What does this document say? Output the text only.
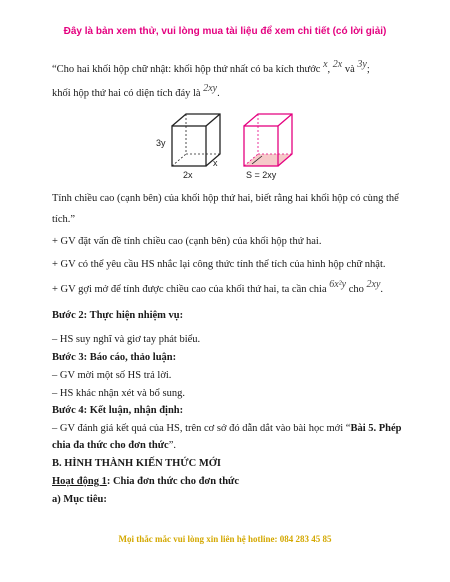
Đây là bản xem thử, vui lòng mua tài liệu để xem chi tiết (có lời giải)
“Cho hai khối hộp chữ nhật: khối hộp thứ nhất có ba kích thước x, 2x và 3y;
khối hộp thứ hai có diện tích đáy là 2xy.
3y
2x
x
S = 2xy
Tính chiều cao (cạnh bên) của khối hộp thứ hai, biết rằng hai khối hộp có cùng thể
tích.”
+ GV đặt vấn đề tính chiều cao (cạnh bên) của khối hộp thứ hai.
+ GV có thể yêu cầu HS nhắc lại công thức tính thể tích của hình hộp chữ nhật.
+ GV gợi mở để tính được chiều cao của khối thứ hai, ta cần chia 6x²y cho 2xy.
Bước 2: Thực hiện nhiệm vụ:
– HS suy nghĩ và giơ tay phát biểu.
Bước 3: Báo cáo, thảo luận:
– GV mời một số HS trả lời.
– HS khác nhận xét và bổ sung.
Bước 4: Kết luận, nhận định:
– GV đánh giá kết quả của HS, trên cơ sở đó dẫn dắt vào bài học mới “Bài 5. Phép
chia đa thức cho đơn thức”.
B. HÌNH THÀNH KIẾN THỨC MỚI
Hoạt động 1: Chia đơn thức cho đơn thức
a) Mục tiêu:
Mọi thắc mắc vui lòng xin liên hệ hotline: 084 283 45 85
